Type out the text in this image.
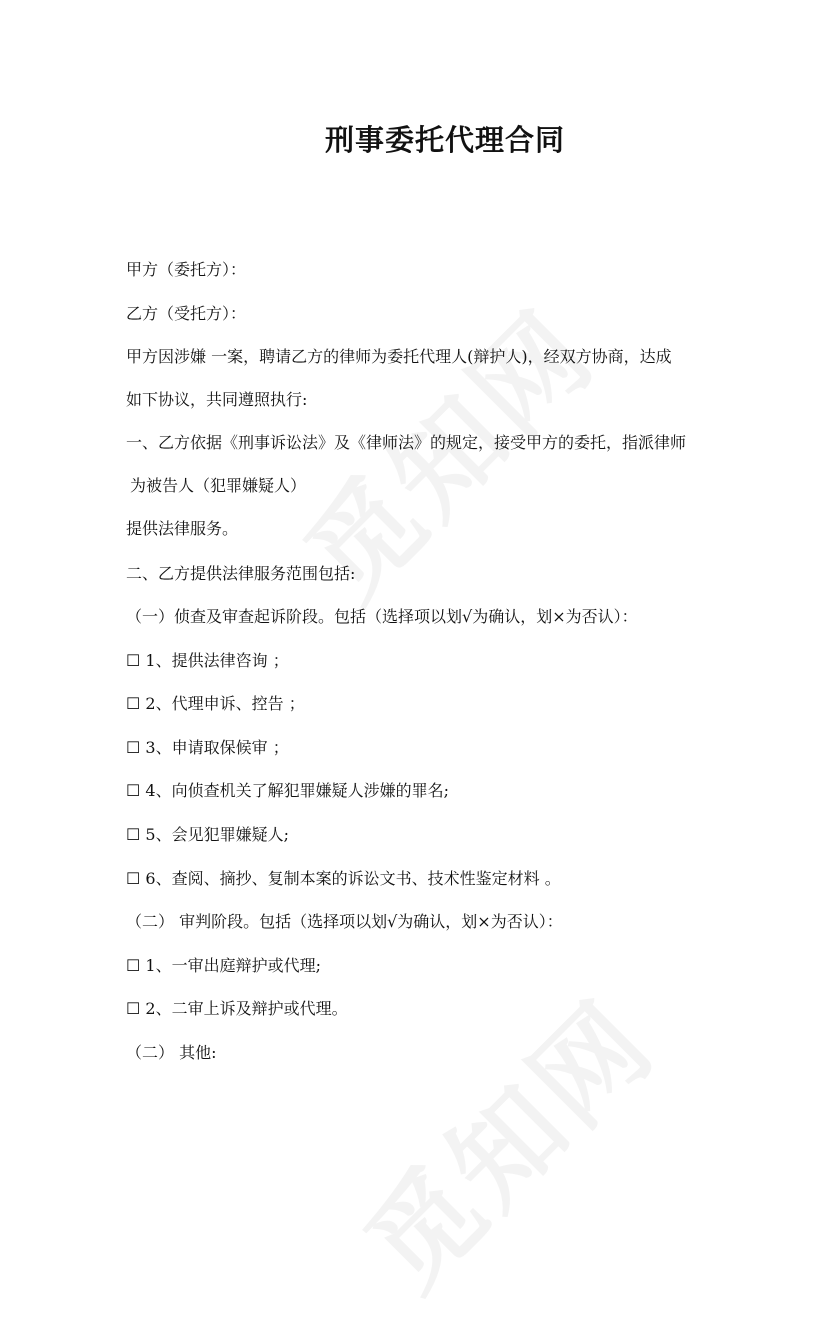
刑事委托代理合同
甲方（委托方）：
乙方（受托方）：
甲方因涉嫌 一案，聘请乙方的律师为委托代理人(辩护人)，经双方协商，达成
如下协议，共同遵照执行:
一、乙方依据《刑事诉讼法》及《律师法》的规定，接受甲方的委托，指派律师
为被告人（犯罪嫌疑人）
提供法律服务。
二、乙方提供法律服务范围包括:
（一）侦查及审查起诉阶段。包括（选择项以划√为确认，划×为否认）：
☐ 1、提供法律咨询 ；
☐ 2、代理申诉、控告 ；
☐ 3、申请取保候审 ；
☐ 4、向侦查机关了解犯罪嫌疑人涉嫌的罪名;
☐ 5、会见犯罪嫌疑人;
☐ 6、查阅、摘抄、复制本案的诉讼文书、技术性鉴定材料 。
（二） 审判阶段。包括（选择项以划√为确认，划×为否认）：
☐ 1、一审出庭辩护或代理;
☐ 2、二审上诉及辩护或代理。
（二） 其他:
